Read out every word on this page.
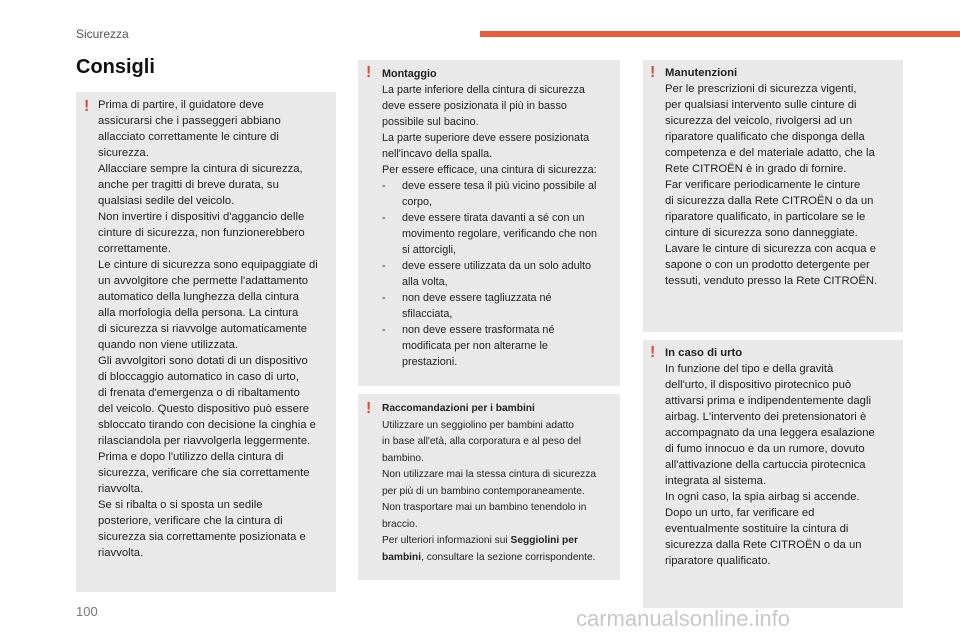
Sicurezza
Consigli
! Prima di partire, il guidatore deve
assicurarsi che i passeggeri abbiano
allacciato correttamente le cinture di
sicurezza.
Allacciare sempre la cintura di sicurezza,
anche per tragitti di breve durata, su
qualsiasi sedile del veicolo.
Non invertire i dispositivi d'aggancio delle
cinture di sicurezza, non funzionerebbero
correttamente.
Le cinture di sicurezza sono equipaggiate di
un avvolgitore che permette l'adattamento
automatico della lunghezza della cintura
alla morfologia della persona. La cintura
di sicurezza si riavvolge automaticamente
quando non viene utilizzata.
Gli avvolgitori sono dotati di un dispositivo
di bloccaggio automatico in caso di urto,
di frenata d'emergenza o di ribaltamento
del veicolo. Questo dispositivo può essere
sbloccato tirando con decisione la cinghia e
rilasciandola per riavvolgerla leggermente.
Prima e dopo l'utilizzo della cintura di
sicurezza, verificare che sia correttamente
riavvolta.
Se si ribalta o si sposta un sedile
posteriore, verificare che la cintura di
sicurezza sia correttamente posizionata e
riavvolta.
! Montaggio
La parte inferiore della cintura di sicurezza
deve essere posizionata il più in basso
possibile sul bacino.
La parte superiore deve essere posizionata
nell'incavo della spalla.
Per essere efficace, una cintura di sicurezza:
-	deve essere tesa il più vicino possibile al
corpo,
-	deve essere tirata davanti a sé con un
movimento regolare, verificando che non
si attorcigli,
-	deve essere utilizzata da un solo adulto
alla volta,
-	non deve essere tagliuzzata né
sfilacciata,
-	non deve essere trasformata né
modificata per non alterarne le
prestazioni.
! Raccomandazioni per i bambini
Utilizzare un seggiolino per bambini adatto
in base all'età, alla corporatura e al peso del
bambino.
Non utilizzare mai la stessa cintura di sicurezza
per più di un bambino contemporaneamente.
Non trasportare mai un bambino tenendolo in
braccio.
Per ulteriori informazioni sui Seggiolini per
bambini, consultare la sezione corrispondente.
! Manutenzioni
Per le prescrizioni di sicurezza vigenti,
per qualsiasi intervento sulle cinture di
sicurezza del veicolo, rivolgersi ad un
riparatore qualificato che disponga della
competenza e del materiale adatto, che la
Rete CITROËN è in grado di fornire.
Far verificare periodicamente le cinture
di sicurezza dalla Rete CITROËN o da un
riparatore qualificato, in particolare se le
cinture di sicurezza sono danneggiate.
Lavare le cinture di sicurezza con acqua e
sapone o con un prodotto detergente per
tessuti, venduto presso la Rete CITROËN.
! In caso di urto
In funzione del tipo e della gravità
dell'urto, il dispositivo pirotecnico può
attivarsi prima e indipendentemente dagli
airbag. L'intervento dei pretensionatori è
accompagnato da una leggera esalazione
di fumo innocuo e da un rumore, dovuto
all'attivazione della cartuccia pirotecnica
integrata al sistema.
In ogni caso, la spia airbag si accende.
Dopo un urto, far verificare ed
eventualmente sostituire la cintura di
sicurezza dalla Rete CITROËN o da un
riparatore qualificato.
100	carmanualsonline.info
